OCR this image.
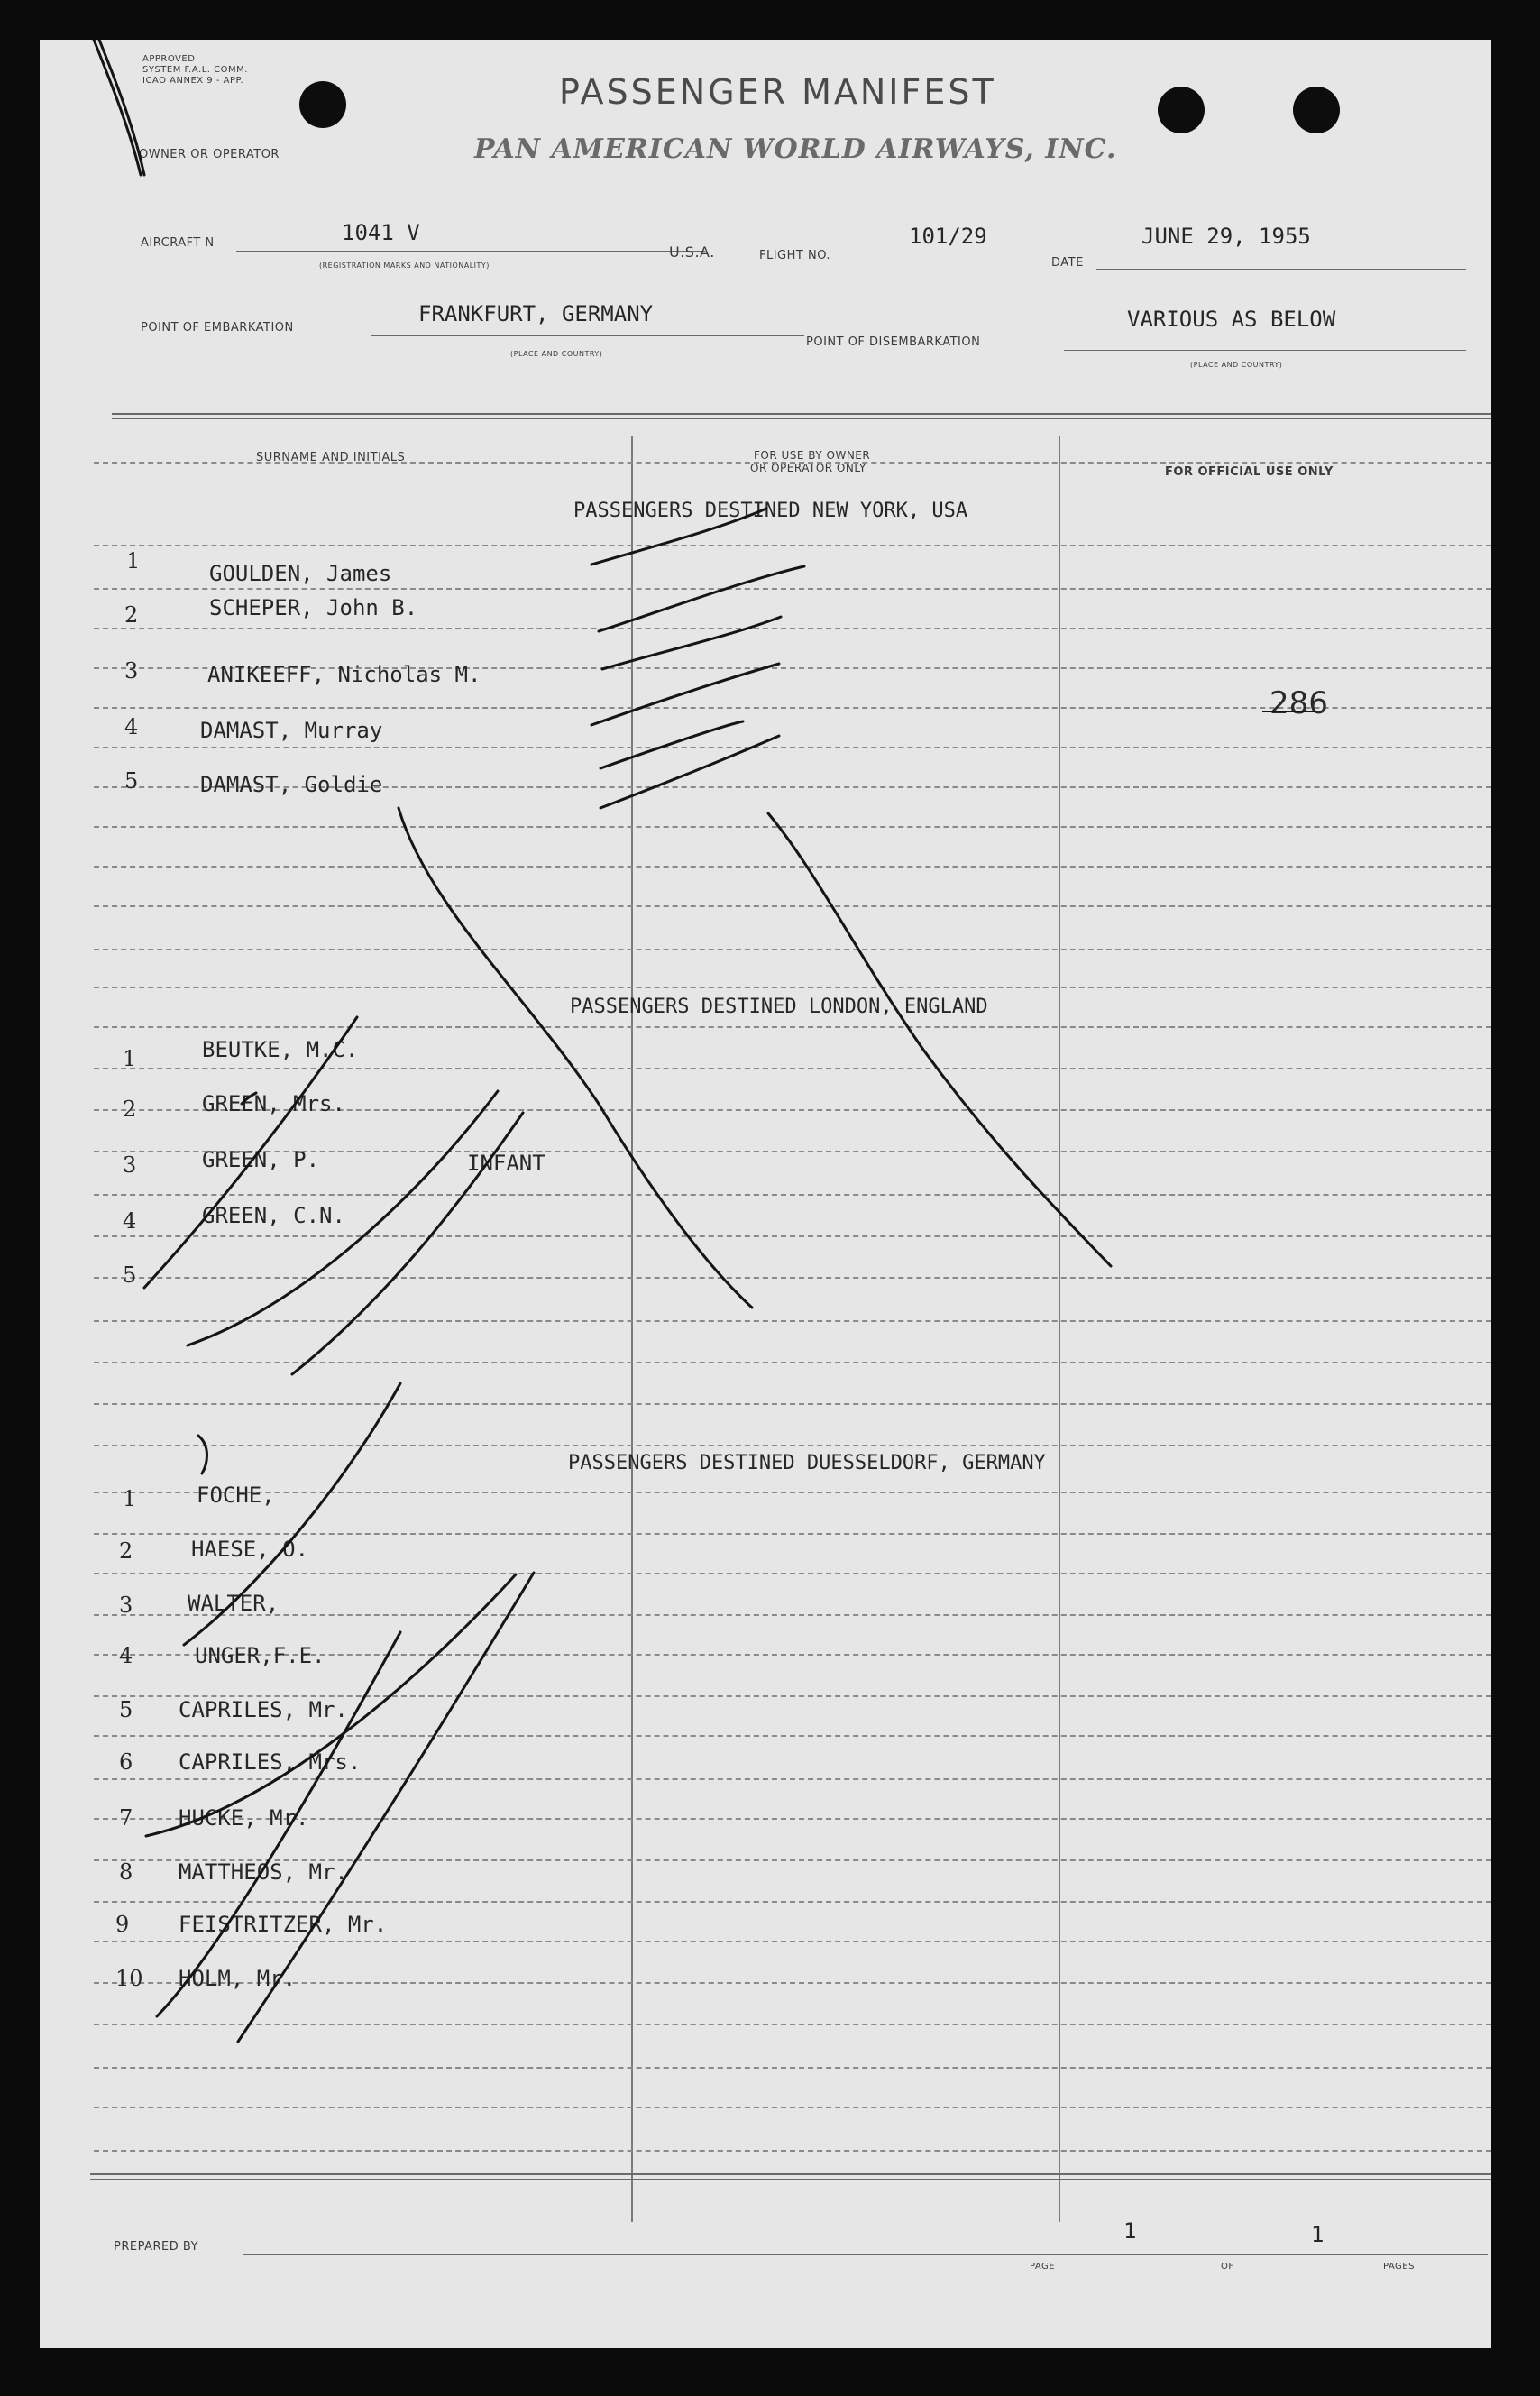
APPROVED
SYSTEM F.A.L. COMM.
ICAO ANNEX 9 - APP.
OWNER OR OPERATOR
PASSENGER MANIFEST
PAN AMERICAN WORLD AIRWAYS, INC.
AIRCRAFT N	1041 V
(REGISTRATION MARKS AND NATIONALITY)
U.S.A.	FLIGHT NO.
101/29
DATE
JUNE 29, 1955
POINT OF EMBARKATION
FRANKFURT, GERMANY
(PLACE AND COUNTRY)
POINT OF DISEMBARKATION
VARIOUS AS BELOW
(PLACE AND COUNTRY)
SURNAME AND INITIALS	FOR USE BY OWNER
OR OPERATOR ONLY	FOR OFFICIAL USE ONLY
PASSENGERS DESTINED NEW YORK, USA
PASSENGERS DESTINED LONDON, ENGLAND
PASSENGERS DESTINED DUESSELDORF, GERMANY
1	GOULDEN, James
2	SCHEPER, John B.
3	ANIKEEFF, Nicholas M.
4	DAMAST, Murray
5	DAMAST, Goldie
286
1	BEUTKE, M.C.
2	GREEN, Mrs.
3	GREEN, P.	INFANT
4	GREEN, C.N.
5
1	FOCHE,
2	HAESE, O.
3	WALTER,
4	UNGER,F.E.
5 CAPRILES, Mr.
6 CAPRILES, Mrs.
7 HUCKE, Mr.
8 MATTHEOS, Mr.
9 FEISTRITZER, Mr.
10 HOLM, Mr.
PREPARED BY
1
PAGE	OF
1
PAGES
